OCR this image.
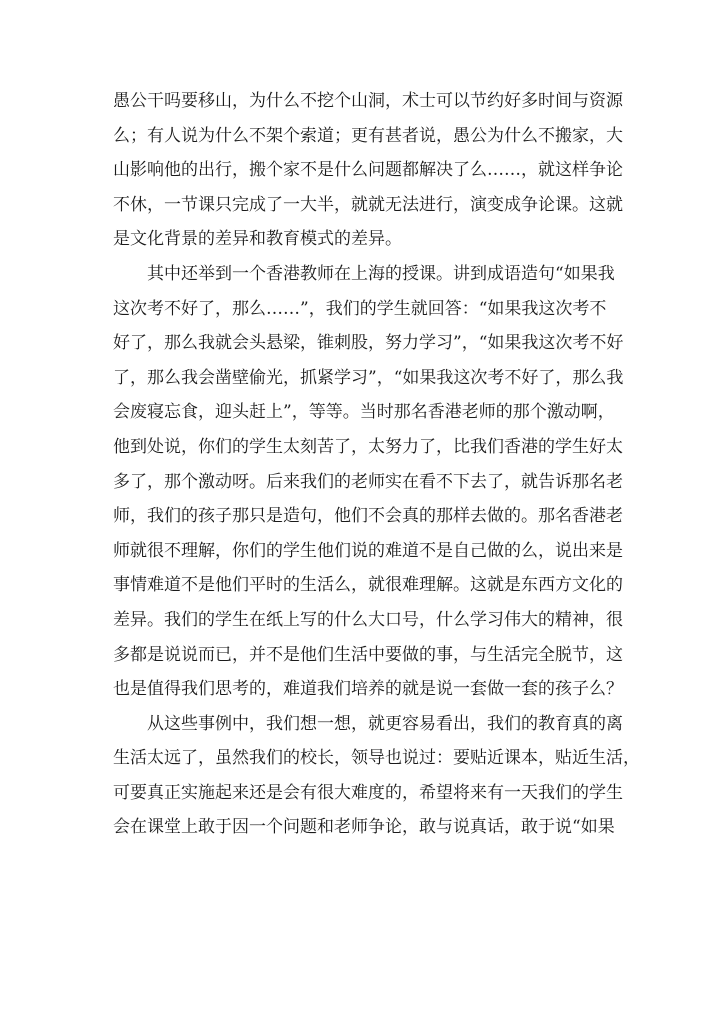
愚公干吗要移山，为什么不挖个山洞，术士可以节约好多时间与资源
么；有人说为什么不架个索道；更有甚者说，愚公为什么不搬家，大
山影响他的出行，搬个家不是什么问题都解决了么……，就这样争论
不休，一节课只完成了一大半，就就无法进行，演变成争论课。这就
是文化背景的差异和教育模式的差异。
其中还举到一个香港教师在上海的授课。讲到成语造句“如果我
这次考不好了，那么……”，我们的学生就回答：“如果我这次考不
好了，那么我就会头悬梁，锥刺股，努力学习”，“如果我这次考不好
了，那么我会凿壁偷光，抓紧学习”，“如果我这次考不好了，那么我
会废寝忘食，迎头赶上”，等等。当时那名香港老师的那个激动啊，
他到处说，你们的学生太刻苦了，太努力了，比我们香港的学生好太
多了，那个激动呀。后来我们的老师实在看不下去了，就告诉那名老
师，我们的孩子那只是造句，他们不会真的那样去做的。那名香港老
师就很不理解，你们的学生他们说的难道不是自己做的么，说出来是
事情难道不是他们平时的生活么，就很难理解。这就是东西方文化的
差异。我们的学生在纸上写的什么大口号，什么学习伟大的精神，很
多都是说说而已，并不是他们生活中要做的事，与生活完全脱节，这
也是值得我们思考的，难道我们培养的就是说一套做一套的孩子么？
从这些事例中，我们想一想，就更容易看出，我们的教育真的离
生活太远了，虽然我们的校长，领导也说过：要贴近课本，贴近生活，
可要真正实施起来还是会有很大难度的，希望将来有一天我们的学生
会在课堂上敢于因一个问题和老师争论，敢与说真话，敢于说“如果
